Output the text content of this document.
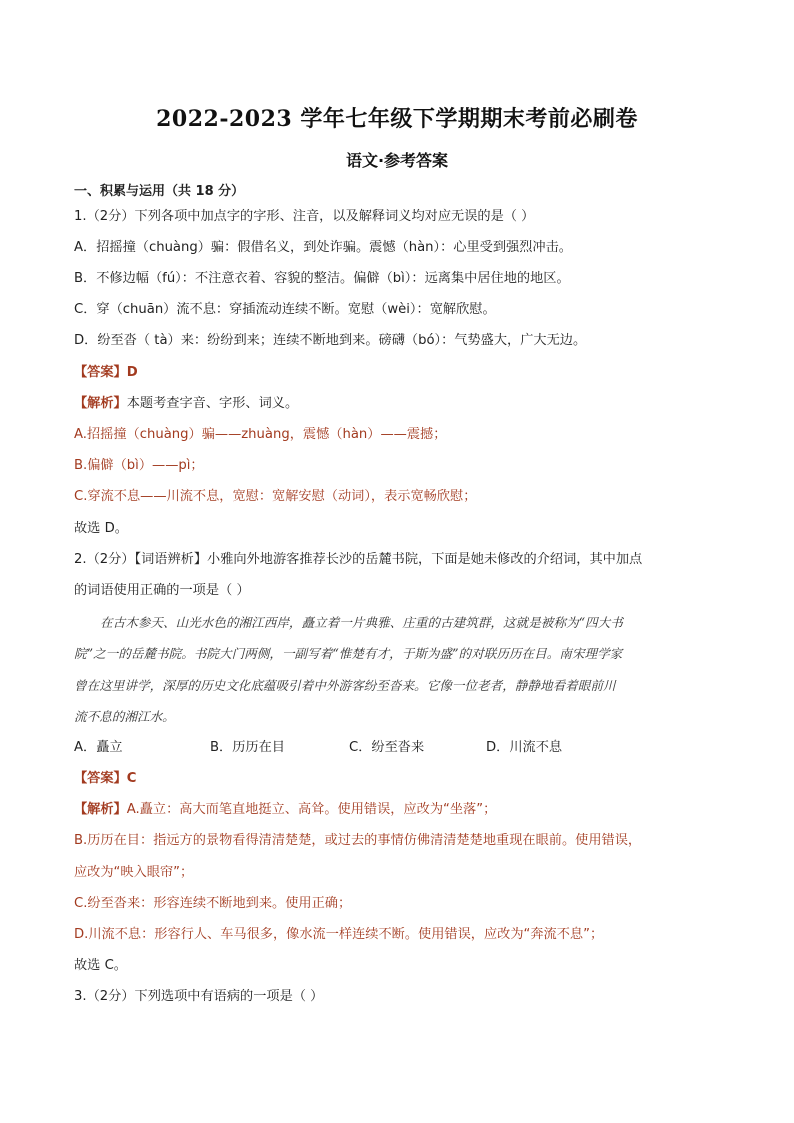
2022-2023 学年七年级下学期期末考前必刷卷
语文·参考答案
一、积累与运用（共 18 分）
1.（2分）下列各项中加点字的字形、注音，以及解释词义均对应无误的是（ ）
A．招摇撞（chuàng）骗：假借名义，到处诈骗。震憾（hàn）：心里受到强烈冲击。
B．不修边幅（fú）：不注意衣着、容貌的整洁。偏僻（bì）：远离集中居住地的地区。
C．穿（chuān）流不息：穿插流动连续不断。宽慰（wèi）：宽解欣慰。
D．纷至沓（ tà）来：纷纷到来；连续不断地到来。磅礴（bó）：气势盛大，广大无边。
【答案】D
【解析】本题考查字音、字形、词义。
A.招摇撞（chuàng）骗——zhuàng，震憾（hàn）——震撼；
B.偏僻（bì）——pì；
C.穿流不息——川流不息，宽慰：宽解安慰（动词），表示宽畅欣慰；
故选 D。
2.（2分）【词语辨析】小雅向外地游客推荐长沙的岳麓书院，下面是她未修改的介绍词，其中加点
的词语使用正确的一项是（ ）
在古木参天、山光水色的湘江西岸，矗立着一片典雅、庄重的古建筑群，这就是被称为“四大书
院”之一的岳麓书院。书院大门两侧，一副写着“惟楚有才，于斯为盛”的对联历历在目。南宋理学家
曾在这里讲学，深厚的历史文化底蕴吸引着中外游客纷至沓来。它像一位老者，静静地看着眼前川
流不息的湘江水。
A．矗立	B．历历在目	C．纷至沓来	D．川流不息
【答案】C
【解析】A.矗立：高大而笔直地挺立、高耸。使用错误，应改为“坐落”；
B.历历在目：指远方的景物看得清清楚楚，或过去的事情仿佛清清楚楚地重现在眼前。使用错误，
应改为“映入眼帘”；
C.纷至沓来：形容连续不断地到来。使用正确；
D.川流不息：形容行人、车马很多，像水流一样连续不断。使用错误，应改为“奔流不息”；
故选 C。
3.（2分）下列选项中有语病的一项是（ ）
